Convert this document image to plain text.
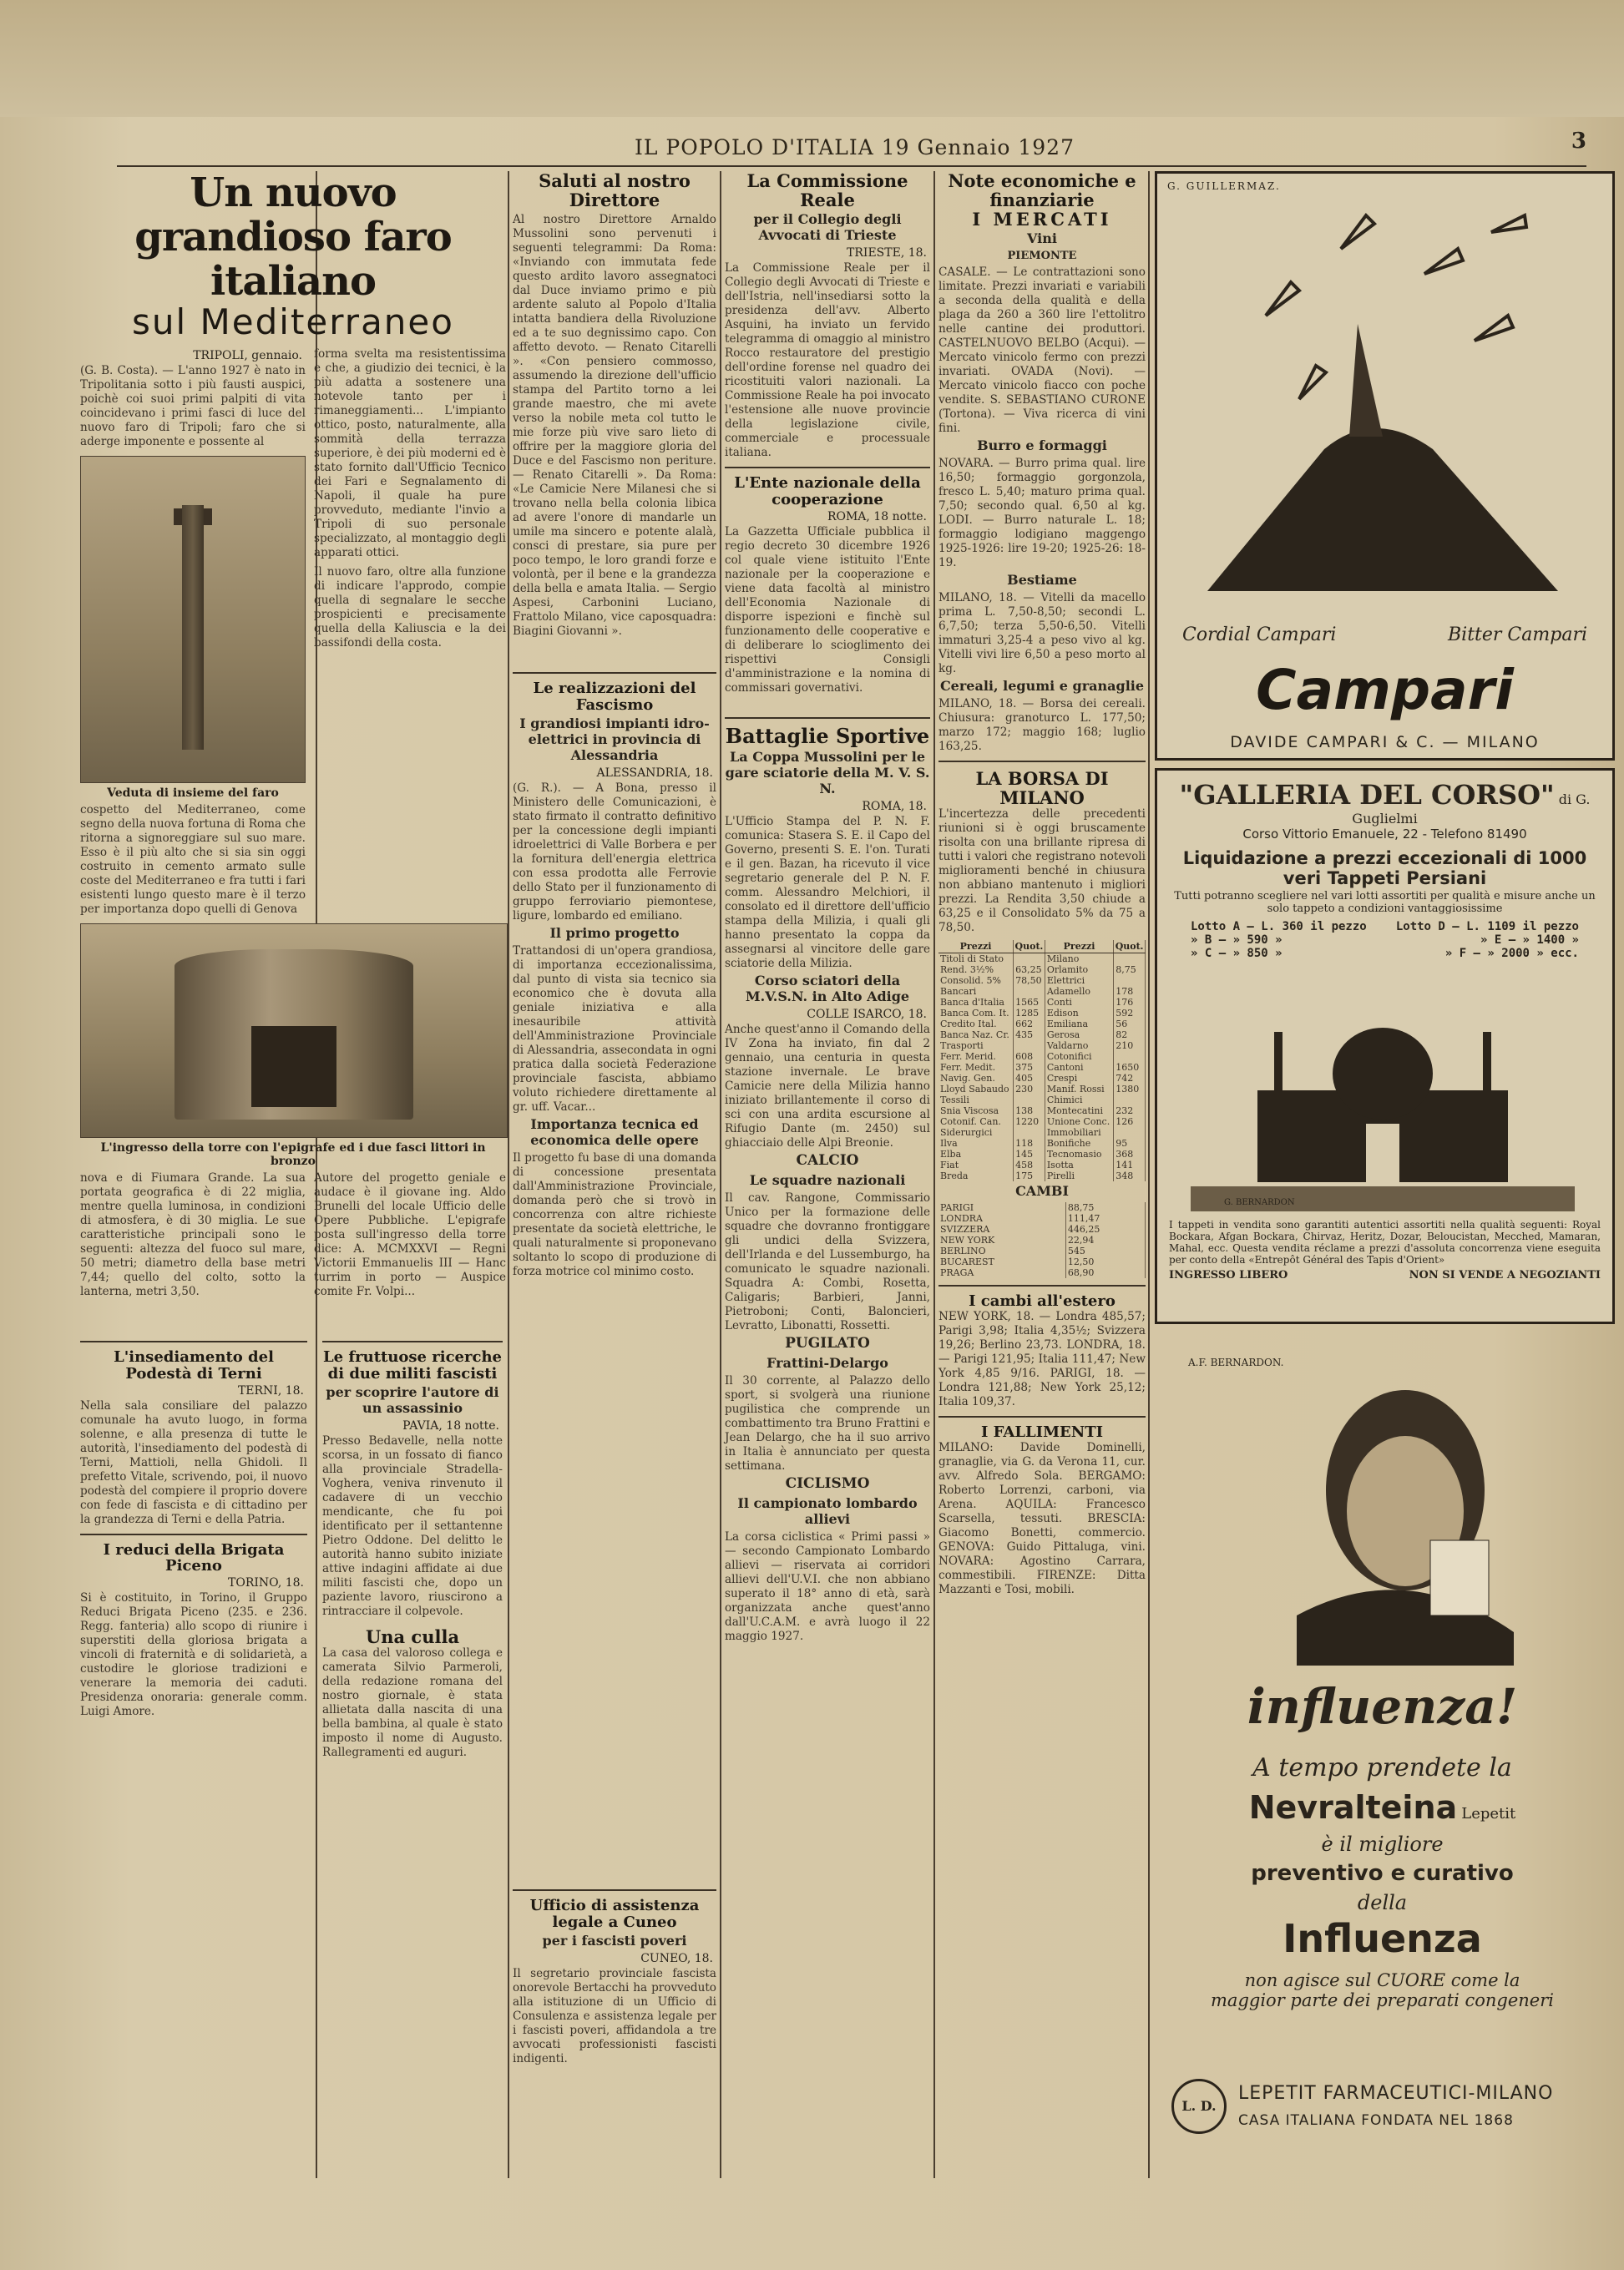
IL POPOLO D'ITALIA 19 Gennaio 1927	3
Un nuovo grandioso faro italiano
sul Mediterraneo
TRIPOLI, gennaio.
(G. B. Costa). — L'anno 1927 è nato in Tripolitania sotto i più fausti auspici, poichè coi suoi primi palpiti di vita coincidevano i primi fasci di luce del nuovo faro di Tripoli; faro che si aderge imponente e possente al
Veduta di insieme del faro
cospetto del Mediterraneo, come segno della nuova fortuna di Roma che ritorna a signoreggiare sul suo mare. Esso è il più alto che si sia sin oggi costruito in cemento armato sulle coste del Mediterraneo e fra tutti i fari esistenti lungo questo mare è il terzo per importanza dopo quelli di Genova
forma svelta ma resistentissima e che, a giudizio dei tecnici, è la più adatta a sostenere una notevole tanto per i rimaneggiamenti... L'impianto ottico, posto, naturalmente, alla sommità della terrazza superiore, è dei più moderni ed è stato fornito dall'Ufficio Tecnico dei Fari e Segnalamento di Napoli, il quale ha pure provveduto, mediante l'invio a Tripoli di suo personale specializzato, al montaggio degli apparati ottici.
Il nuovo faro, oltre alla funzione di indicare l'approdo, compie quella di segnalare le secche prospicienti e precisamente quella della Kaliuscia e la dei bassifondi della costa.
L'ingresso della torre con l'epigrafe ed i due fasci littori in bronzo
nova e di Fiumara Grande. La sua portata geografica è di 22 miglia, mentre quella luminosa, in condizioni di atmosfera, è di 30 miglia. Le sue caratteristiche principali sono le seguenti: altezza del fuoco sul mare, 50 metri; diametro della base metri 7,44; quello del colto, sotto la lanterna, metri 3,50.
Autore del progetto geniale e audace è il giovane ing. Aldo Brunelli del locale Ufficio delle Opere Pubbliche. L'epigrafe posta sull'ingresso della torre dice: A. MCMXXVI — Regni Victorii Emmanuelis III — Hanc turrim in porto — Auspice comite Fr. Volpi...
L'insediamento del Podestà di Terni
TERNI, 18.
Nella sala consiliare del palazzo comunale ha avuto luogo, in forma solenne, e alla presenza di tutte le autorità, l'insediamento del podestà di Terni, Mattioli, nella Ghidoli. Il prefetto Vitale, scrivendo, poi, il nuovo podestà del compiere il proprio dovere con fede di fascista e di cittadino per la grandezza di Terni e della Patria.
I reduci della Brigata Piceno
TORINO, 18.
Si è costituito, in Torino, il Gruppo Reduci Brigata Piceno (235. e 236. Regg. fanteria) allo scopo di riunire i superstiti della gloriosa brigata a vincoli di fraternità e di solidarietà, a custodire le gloriose tradizioni e venerare la memoria dei caduti. Presidenza onoraria: generale comm. Luigi Amore.
Le fruttuose ricerche di due militi fascisti
per scoprire l'autore di un assassinio
PAVIA, 18 notte.
Presso Bedavelle, nella notte scorsa, in un fossato di fianco alla provinciale Stradella-Voghera, veniva rinvenuto il cadavere di un vecchio mendicante, che fu poi identificato per il settantenne Pietro Oddone. Del delitto le autorità hanno subito iniziate attive indagini affidate ai due militi fascisti che, dopo un paziente lavoro, riuscirono a rintracciare il colpevole.
Una culla
La casa del valoroso collega e camerata Silvio Parmeroli, della redazione romana del nostro giornale, è stata allietata dalla nascita di una bella bambina, al quale è stato imposto il nome di Augusto. Rallegramenti ed auguri.
Saluti al nostro Direttore
Al nostro Direttore Arnaldo Mussolini sono pervenuti i seguenti telegrammi: Da Roma: «Inviando con immutata fede questo ardito lavoro assegnatoci dal Duce inviamo primo e più ardente saluto al Popolo d'Italia intatta bandiera della Rivoluzione ed a te suo degnissimo capo. Con affetto devoto. — Renato Citarelli ». «Con pensiero commosso, assumendo la direzione dell'ufficio stampa del Partito torno a lei grande maestro, che mi avete verso la nobile meta col tutto le mie forze più vive saro lieto di offrire per la maggiore gloria del Duce e del Fascismo non periture. — Renato Citarelli ». Da Roma: «Le Camicie Nere Milanesi che si trovano nella bella colonia libica ad avere l'onore di mandarle un umile ma sincero e potente alalà, consci di prestare, sia pure per poco tempo, le loro grandi forze e volontà, per il bene e la grandezza della bella e amata Italia. — Sergio Aspesi, Carbonini Luciano, Frattolo Milano, vice caposquadra: Biagini Giovanni ».
Le realizzazioni del Fascismo
I grandiosi impianti idro-elettrici in provincia di Alessandria
ALESSANDRIA, 18.
(G. R.). — A Bona, presso il Ministero delle Comunicazioni, è stato firmato il contratto definitivo per la concessione degli impianti idroelettrici di Valle Borbera e per la fornitura dell'energia elettrica con essa prodotta alle Ferrovie dello Stato per il funzionamento di gruppo ferroviario piemontese, ligure, lombardo ed emiliano.
Il primo progetto
Trattandosi di un'opera grandiosa, di importanza eccezionalissima, dal punto di vista sia tecnico sia economico che è dovuta alla geniale iniziativa e alla inesauribile attività dell'Amministrazione Provinciale di Alessandria, assecondata in ogni pratica dalla società Federazione provinciale fascista, abbiamo voluto richiedere direttamente al gr. uff. Vacar...
Importanza tecnica ed economica delle opere
Il progetto fu base di una domanda di concessione presentata dall'Amministrazione Provinciale, domanda però che si trovò in concorrenza con altre richieste presentate da società elettriche, le quali naturalmente si proponevano soltanto lo scopo di produzione di forza motrice col minimo costo.
La Commissione Reale
per il Collegio degli Avvocati di Trieste
TRIESTE, 18.
La Commissione Reale per il Collegio degli Avvocati di Trieste e dell'Istria, nell'insediarsi sotto la presidenza dell'avv. Alberto Asquini, ha inviato un fervido telegramma di omaggio al ministro Rocco restauratore del prestigio dell'ordine forense nel quadro dei ricostituiti valori nazionali. La Commissione Reale ha poi invocato l'estensione alle nuove provincie della legislazione civile, commerciale e processuale italiana.
L'Ente nazionale della cooperazione
ROMA, 18 notte.
La Gazzetta Ufficiale pubblica il regio decreto 30 dicembre 1926 col quale viene istituito l'Ente nazionale per la cooperazione e viene data facoltà al ministro dell'Economia Nazionale di disporre ispezioni e finchè sul funzionamento delle cooperative e di deliberare lo scioglimento dei rispettivi Consigli d'amministrazione e la nomina di commissari governativi.
Battaglie Sportive
La Coppa Mussolini per le gare sciatorie della M. V. S. N.
ROMA, 18.
L'Ufficio Stampa del P. N. F. comunica: Stasera S. E. il Capo del Governo, presenti S. E. l'on. Turati e il gen. Bazan, ha ricevuto il vice segretario generale del P. N. F. comm. Alessandro Melchiori, il consolato ed il direttore dell'ufficio stampa della Milizia, i quali gli hanno presentato la coppa da assegnarsi al vincitore delle gare sciatorie della Milizia.
Corso sciatori della M.V.S.N. in Alto Adige
COLLE ISARCO, 18.
Anche quest'anno il Comando della IV Zona ha inviato, fin dal 2 gennaio, una centuria in questa stazione invernale. Le brave Camicie nere della Milizia hanno iniziato brillantemente il corso di sci con una ardita escursione al Rifugio Dante (m. 2450) sul ghiacciaio delle Alpi Breonie.
CALCIO
Le squadre nazionali
Il cav. Rangone, Commissario Unico per la formazione delle squadre che dovranno frontiggare gli undici della Svizzera, dell'Irlanda e del Lussemburgo, ha comunicato le squadre nazionali. Squadra A: Combi, Rosetta, Caligaris; Barbieri, Janni, Pietroboni; Conti, Baloncieri, Levratto, Libonatti, Rossetti.
PUGILATO
Frattini-Delargo
Il 30 corrente, al Palazzo dello sport, si svolgerà una riunione pugilistica che comprende un combattimento tra Bruno Frattini e Jean Delargo, che ha il suo arrivo in Italia è annunciato per questa settimana.
CICLISMO
Il campionato lombardo allievi
La corsa ciclistica « Primi passi » — secondo Campionato Lombardo allievi — riservata ai corridori allievi dell'U.V.I. che non abbiano superato il 18° anno di età, sarà organizzata anche quest'anno dall'U.C.A.M. e avrà luogo il 22 maggio 1927.
Ufficio di assistenza legale a Cuneo
per i fascisti poveri
CUNEO, 18.
Il segretario provinciale fascista onorevole Bertacchi ha provveduto alla istituzione di un Ufficio di Consulenza e assistenza legale per i fascisti poveri, affidandola a tre avvocati professionisti fascisti indigenti.
Note economiche e finanziarie
I MERCATI
Vini
PIEMONTE
CASALE. — Le contrattazioni sono limitate. Prezzi invariati e variabili a seconda della qualità e della plaga da 260 a 360 lire l'ettolitro nelle cantine dei produttori. CASTELNUOVO BELBO (Acqui). — Mercato vinicolo fermo con prezzi invariati. OVADA (Novi). — Mercato vinicolo fiacco con poche vendite. S. SEBASTIANO CURONE (Tortona). — Viva ricerca di vini fini.
Burro e formaggi
NOVARA. — Burro prima qual. lire 16,50; formaggio gorgonzola, fresco L. 5,40; maturo prima qual. 7,50; secondo qual. 6,50 al kg. LODI. — Burro naturale L. 18; formaggio lodigiano maggengo 1925-1926: lire 19-20; 1925-26: 18-19.
Bestiame
MILANO, 18. — Vitelli da macello prima L. 7,50-8,50; secondi L. 6,7,50; terza 5,50-6,50. Vitelli immaturi 3,25-4 a peso vivo al kg. Vitelli vivi lire 6,50 a peso morto al kg.
Cereali, legumi e granaglie
MILANO, 18. — Borsa dei cereali. Chiusura: granoturco L. 177,50; marzo 172; maggio 168; luglio 163,25.
LA BORSA DI MILANO
L'incertezza delle precedenti riunioni si è oggi bruscamente risolta con una brillante ripresa di tutti i valori che registrano notevoli miglioramenti benché in chiusura non abbiano mantenuto i migliori prezzi. La Rendita 3,50 chiude a 63,25 e il Consolidato 5% da 75 a 78,50.
Prezzi	Quot.	Prezzi	Quot.
Titoli di Stato		Milano	
Rend. 3½%	63,25	Orlamito	8,75
Consolid. 5%	78,50	Elettrici	
Bancari		Adamello	178
Banca d'Italia	1565	Conti	176
Banca Com. It.	1285	Edison	592
Credito Ital.	662	Emiliana	56
Banca Naz. Cr.	435	Gerosa	82
Trasporti		Valdarno	210
Ferr. Merid.	608	Cotonifici	
Ferr. Medit.	375	Cantoni	1650
Navig. Gen.	405	Crespi	742
Lloyd Sabaudo	230	Manif. Rossi	1380
Tessili		Chimici	
Snia Viscosa	138	Montecatini	232
Cotonif. Can.	1220	Unione Conc.	126
Siderurgici		Immobiliari	
Ilva	118	Bonifiche	95
Elba	145	Tecnomasio	368
Fiat	458	Isotta	141
Breda	175	Pirelli	348
CAMBI
PARIGI	88,75
LONDRA	111,47
SVIZZERA	446,25
NEW YORK	22,94
BERLINO	545
BUCAREST	12,50
PRAGA	68,90
I cambi all'estero
NEW YORK, 18. — Londra 485,57; Parigi 3,98; Italia 4,35½; Svizzera 19,26; Berlino 23,73. LONDRA, 18. — Parigi 121,95; Italia 111,47; New York 4,85 9/16. PARIGI, 18. — Londra 121,88; New York 25,12; Italia 109,37.
I FALLIMENTI
MILANO: Davide Dominelli, granaglie, via G. da Verona 11, cur. avv. Alfredo Sola. BERGAMO: Roberto Lorrenzi, carboni, via Arena. AQUILA: Francesco Scarsella, tessuti. BRESCIA: Giacomo Bonetti, commercio. GENOVA: Guido Pittaluga, vini. NOVARA: Agostino Carrara, commestibili. FIRENZE: Ditta Mazzanti e Tosi, mobili.
G. GUILLERMAZ.
Cordial Campari	Bitter Campari
Campari
DAVIDE CAMPARI & C. — MILANO
"GALLERIA DEL CORSO" di G. Guglielmi
Corso Vittorio Emanuele, 22 - Telefono 81490
Liquidazione a prezzi eccezionali di 1000 veri Tappeti Persiani
Tutti potranno scegliere nel vari lotti assortiti per qualità e misure anche un solo tappeto a condizioni vantaggiosissime
Lotto A — L. 360 il pezzo	Lotto D — L. 1109 il pezzo
» B — » 590 »	» E — » 1400 »
» C — » 850 »	» F — » 2000 » ecc.
G. BERNARDON
I tappeti in vendita sono garantiti autentici assortiti nella qualità seguenti: Royal Bockara, Afgan Bockara, Chirvaz, Heritz, Dozar, Beloucistan, Mecched, Mamaran, Mahal, ecc. Questa vendita réclame a prezzi d'assoluta concorrenza viene eseguita per conto della «Entrepôt Général des Tapis d'Orient»
INGRESSO LIBERO	NON SI VENDE A NEGOZIANTI
A.F. BERNARDON.
influenza!
A tempo prendete la
Nevralteina Lepetit
è il migliore
preventivo e curativo
della
Influenza
non agisce sul CUORE come la maggior parte dei preparati congeneri
L. D.
LEPETIT FARMACEUTICI-MILANO
CASA ITALIANA FONDATA NEL 1868
